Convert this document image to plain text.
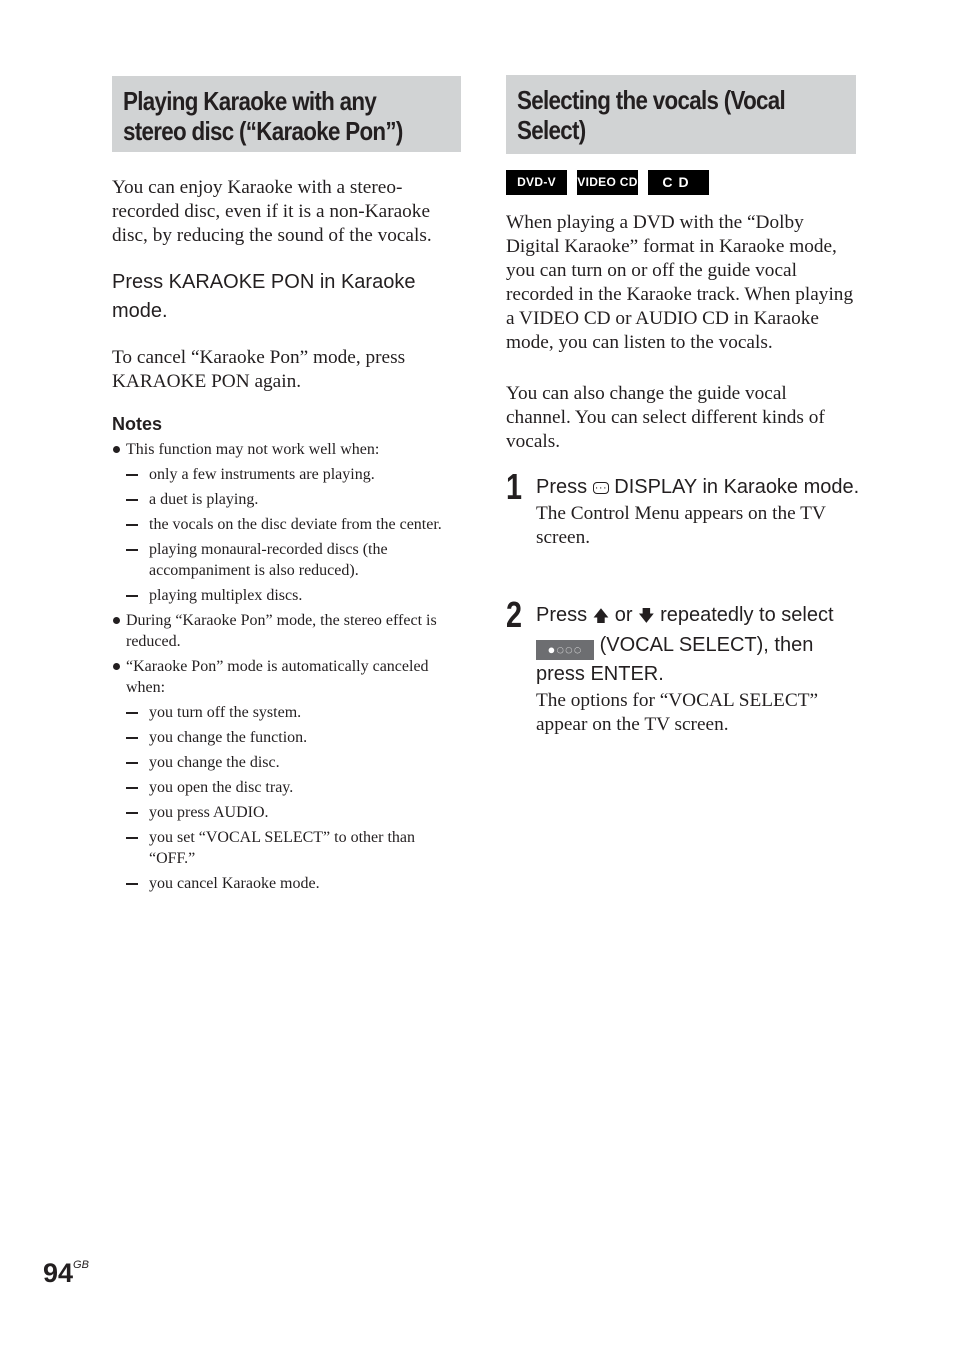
Playing Karaoke with any
stereo disc (“Karaoke Pon”)

You can enjoy Karaoke with a stereo-recorded disc, even if it is a non-Karaoke disc, by reducing the sound of the vocals.

Press KARAOKE PON in Karaoke mode.

To cancel “Karaoke Pon” mode, press KARAOKE PON again.

Notes

This function may not work well when:
only a few instruments are playing.
a duet is playing.
the vocals on the disc deviate from the center.
playing monaural-recorded discs (the accompaniment is also reduced).
playing multiplex discs.
During “Karaoke Pon” mode, the stereo effect is reduced.
“Karaoke Pon” mode is automatically canceled when:
you turn off the system.
you change the function.
you change the disc.
you open the disc tray.
you press AUDIO.
you set “VOCAL SELECT” to other than “OFF.”
you cancel Karaoke mode.
Selecting the vocals (Vocal
Select)
DVD-V	VIDEO CD	CD

When playing a DVD with the “Dolby Digital Karaoke” format in Karaoke mode, you can turn on or off the guide vocal recorded in the Karaoke track. When playing a VIDEO CD or AUDIO CD in Karaoke mode, you can listen to the vocals.

You can also change the guide vocal channel. You can select different kinds of vocals.

1 Press ··· DISPLAY in Karaoke mode.

The Control Menu appears on the TV screen.

2 Press 🡅 or 🡇 repeatedly to select ●◌◌◌ (VOCAL SELECT), then press ENTER.

The options for “VOCAL SELECT” appear on the TV screen.

$94^{GB}$
